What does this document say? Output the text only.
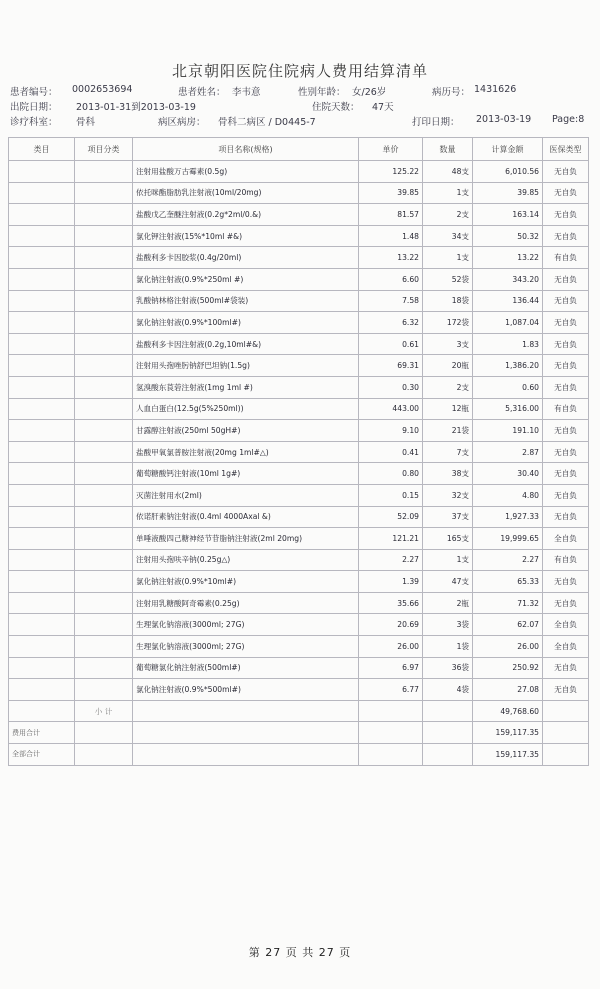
北京朝阳医院住院病人费用结算清单
患者编号： 0002653694	患者姓名： 李韦意	性别年龄： 女/26岁	病历号： 1431626
出院日期： 2013-01-31到2013-03-19	住院天数： 47天
诊疗科室： 骨科	病区病房： 骨科二病区 / D0445-7	打印日期： 2013-03-19 Page:8
类目	项目分类	项目名称(规格)	单价	数量	计算金额	医保类型
		注射用盐酸万古霉素(0.5g)	125.22	48支	6,010.56	无自负
		依托咪酯脂肪乳注射液(10ml/20mg)	39.85	1支	39.85	无自负
		盐酸戊乙奎醚注射液(0.2g*2ml/0.&)	81.57	2支	163.14	无自负
		氯化钾注射液(15%*10ml #&)	1.48	34支	50.32	无自负
		盐酸利多卡因胶浆(0.4g/20ml)	13.22	1支	13.22	有自负
		氯化钠注射液(0.9%*250ml #)	6.60	52袋	343.20	无自负
		乳酸钠林格注射液(500ml#袋装)	7.58	18袋	136.44	无自负
		氯化钠注射液(0.9%*100ml#)	6.32	172袋	1,087.04	无自负
		盐酸利多卡因注射液(0.2g,10ml#&)	0.61	3支	1.83	无自负
		注射用头孢唑肟钠舒巴坦钠(1.5g)	69.31	20瓶	1,386.20	无自负
		氢溴酸东莨菪注射液(1mg 1ml #)	0.30	2支	0.60	无自负
		人血白蛋白(12.5g(5%250ml))	443.00	12瓶	5,316.00	有自负
		甘露醇注射液(250ml 50gH#)	9.10	21袋	191.10	无自负
		盐酸甲氧氯普胺注射液(20mg 1ml#△)	0.41	7支	2.87	无自负
		葡萄糖酸钙注射液(10ml 1g#)	0.80	38支	30.40	无自负
		灭菌注射用水(2ml)	0.15	32支	4.80	无自负
		依诺肝素钠注射液(0.4ml 4000Axal &)	52.09	37支	1,927.33	无自负
		单唾液酸四己糖神经节苷脂钠注射液(2ml 20mg)	121.21	165支	19,999.65	全自负
		注射用头孢呋辛钠(0.25g△)	2.27	1支	2.27	有自负
		氯化钠注射液(0.9%*10ml#)	1.39	47支	65.33	无自负
		注射用乳糖酸阿奇霉素(0.25g)	35.66	2瓶	71.32	无自负
		生理氯化钠溶液(3000ml; 27G)	20.69	3袋	62.07	全自负
		生理氯化钠溶液(3000ml; 27G)	26.00	1袋	26.00	全自负
		葡萄糖氯化钠注射液(500ml#)	6.97	36袋	250.92	无自负
		氯化钠注射液(0.9%*500ml#)	6.77	4袋	27.08	无自负
	小 计				49,768.60	
费用合计					159,117.35	
全部合计					159,117.35	
第 27 页 共 27 页
